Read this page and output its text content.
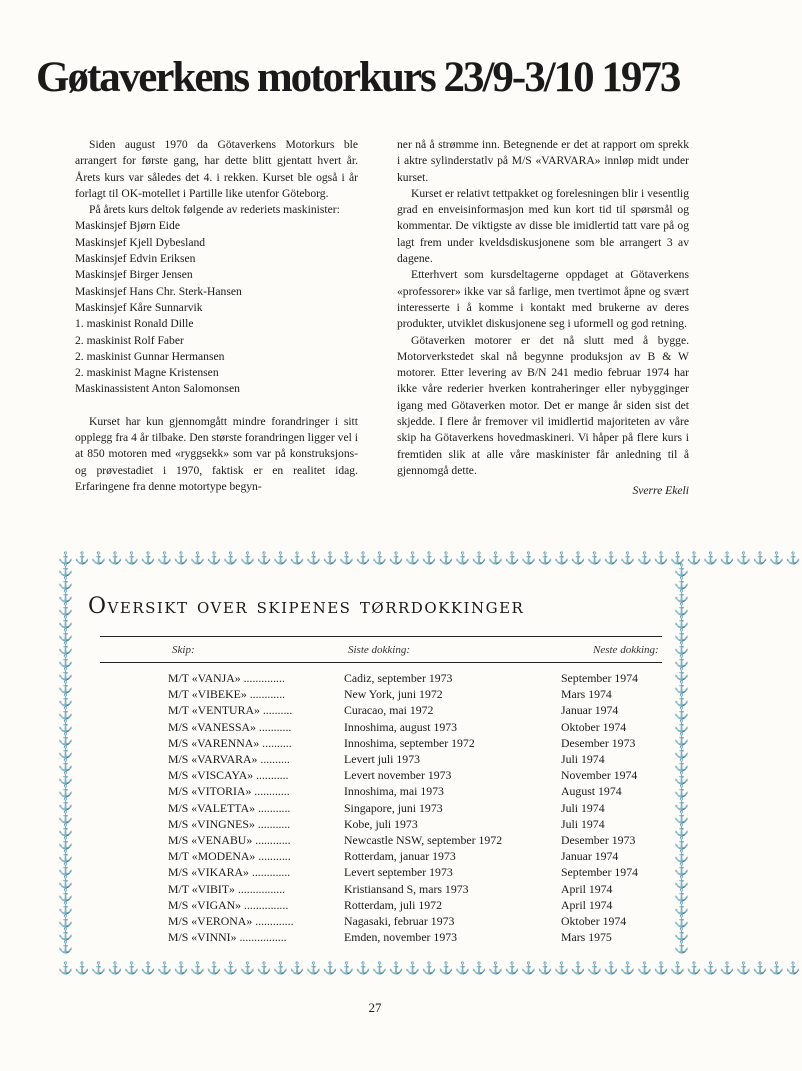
Gøtaverkens motorkurs 23/9-3/10 1973

Siden august 1970 da Götaverkens Motorkurs ble arrangert for første gang, har dette blitt gjentatt hvert år. Årets kurs var således det 4. i rekken. Kurset ble også i år forlagt til OK-motellet i Partille like utenfor Göteborg.

På årets kurs deltok følgende av rederiets maskinister:

Maskinsjef Bjørn Eide
Maskinsjef Kjell Dybesland
Maskinsjef Edvin Eriksen
Maskinsjef Birger Jensen
Maskinsjef Hans Chr. Sterk-Hansen
Maskinsjef Kåre Sunnarvik
1. maskinist Ronald Dille
2. maskinist Rolf Faber
2. maskinist Gunnar Hermansen
2. maskinist Magne Kristensen
Maskinassistent Anton Salomonsen

Kurset har kun gjennomgått mindre forandringer i sitt opplegg fra 4 år tilbake. Den største forandringen ligger vel i at 850 motoren med «ryggsekk» som var på konstruksjons- og prøvestadiet i 1970, faktisk er en realitet idag. Erfaringene fra denne motortype begyn-

ner nå å strømme inn. Betegnende er det at rapport om sprekk i aktre sylinderstatlv på M/S «VARVARA» innløp midt under kurset.

Kurset er relativt tettpakket og forelesningen blir i vesentlig grad en enveisinformasjon med kun kort tid til spørsmål og kommentar. De viktigste av disse ble imidlertid tatt vare på og lagt frem under kveldsdiskusjonene som ble arrangert 3 av dagene.

Etterhvert som kursdeltagerne oppdaget at Götaverkens «professorer» ikke var så farlige, men tvertimot åpne og svært interesserte i å komme i kontakt med brukerne av deres produkter, utviklet diskusjonene seg i uformell og god retning.

Götaverken motorer er det nå slutt med å bygge. Motorverkstedet skal nå begynne produksjon av B & W motorer. Etter levering av B/N 241 medio februar 1974 har ikke våre rederier hverken kontraheringer eller nybygginger igang med Götaverken motor. Det er mange år siden sist det skjedde. I flere år fremover vil imidlertid majoriteten av våre skip ha Götaverkens hovedmaskineri. Vi håper på flere kurs i fremtiden slik at alle våre maskinister får anledning til å gjennomgå dette.

Sverre Ekeli
⚓⚓⚓⚓⚓⚓⚓⚓⚓⚓⚓⚓⚓⚓⚓⚓⚓⚓⚓⚓⚓⚓⚓⚓⚓⚓⚓⚓⚓⚓⚓⚓⚓⚓⚓⚓⚓⚓⚓⚓⚓⚓⚓⚓⚓
⚓⚓⚓⚓⚓⚓⚓⚓⚓⚓⚓⚓⚓⚓⚓⚓⚓⚓⚓⚓⚓⚓⚓⚓⚓⚓⚓⚓⚓⚓⚓⚓⚓⚓⚓⚓⚓⚓⚓⚓⚓⚓⚓⚓⚓
⚓ ⚓ ⚓ ⚓ ⚓ ⚓ ⚓ ⚓ ⚓ ⚓ ⚓ ⚓ ⚓ ⚓ ⚓ ⚓ ⚓ ⚓ ⚓ ⚓ ⚓ ⚓ ⚓ ⚓ ⚓ ⚓ ⚓ ⚓ ⚓ ⚓
⚓ ⚓ ⚓ ⚓ ⚓ ⚓ ⚓ ⚓ ⚓ ⚓ ⚓ ⚓ ⚓ ⚓ ⚓ ⚓ ⚓ ⚓ ⚓ ⚓ ⚓ ⚓ ⚓ ⚓ ⚓ ⚓ ⚓ ⚓ ⚓ ⚓
Oversikt over skipenes tørrdokkinger
Skip:	Siste dokking:	Neste dokking:
M/T «VANJA» ..............	Cadiz, september 1973	September 1974
M/T «VIBEKE» ............	New York, juni 1972	Mars 1974
M/T «VENTURA» ..........	Curacao, mai 1972	Januar 1974
M/S «VANESSA» ...........	Innoshima, august 1973	Oktober 1974
M/S «VARENNA» ..........	Innoshima, september 1972	Desember 1973
M/S «VARVARA» ..........	Levert juli 1973	Juli 1974
M/S «VISCAYA» ...........	Levert november 1973	November 1974
M/S «VITORIA» ............	Innoshima, mai 1973	August 1974
M/S «VALETTA» ...........	Singapore, juni 1973	Juli 1974
M/S «VINGNES» ...........	Kobe, juli 1973	Juli 1974
M/S «VENABU» ............	Newcastle NSW, september 1972	Desember 1973
M/T «MODENA» ...........	Rotterdam, januar 1973	Januar 1974
M/S «VIKARA» .............	Levert september 1973	September 1974
M/T «VIBIT» ................	Kristiansand S, mars 1973	April 1974
M/S «VIGAN» ...............	Rotterdam, juli 1972	April 1974
M/S «VERONA» .............	Nagasaki, februar 1973	Oktober 1974
M/S «VINNI» ................	Emden, november 1973	Mars 1975
27
